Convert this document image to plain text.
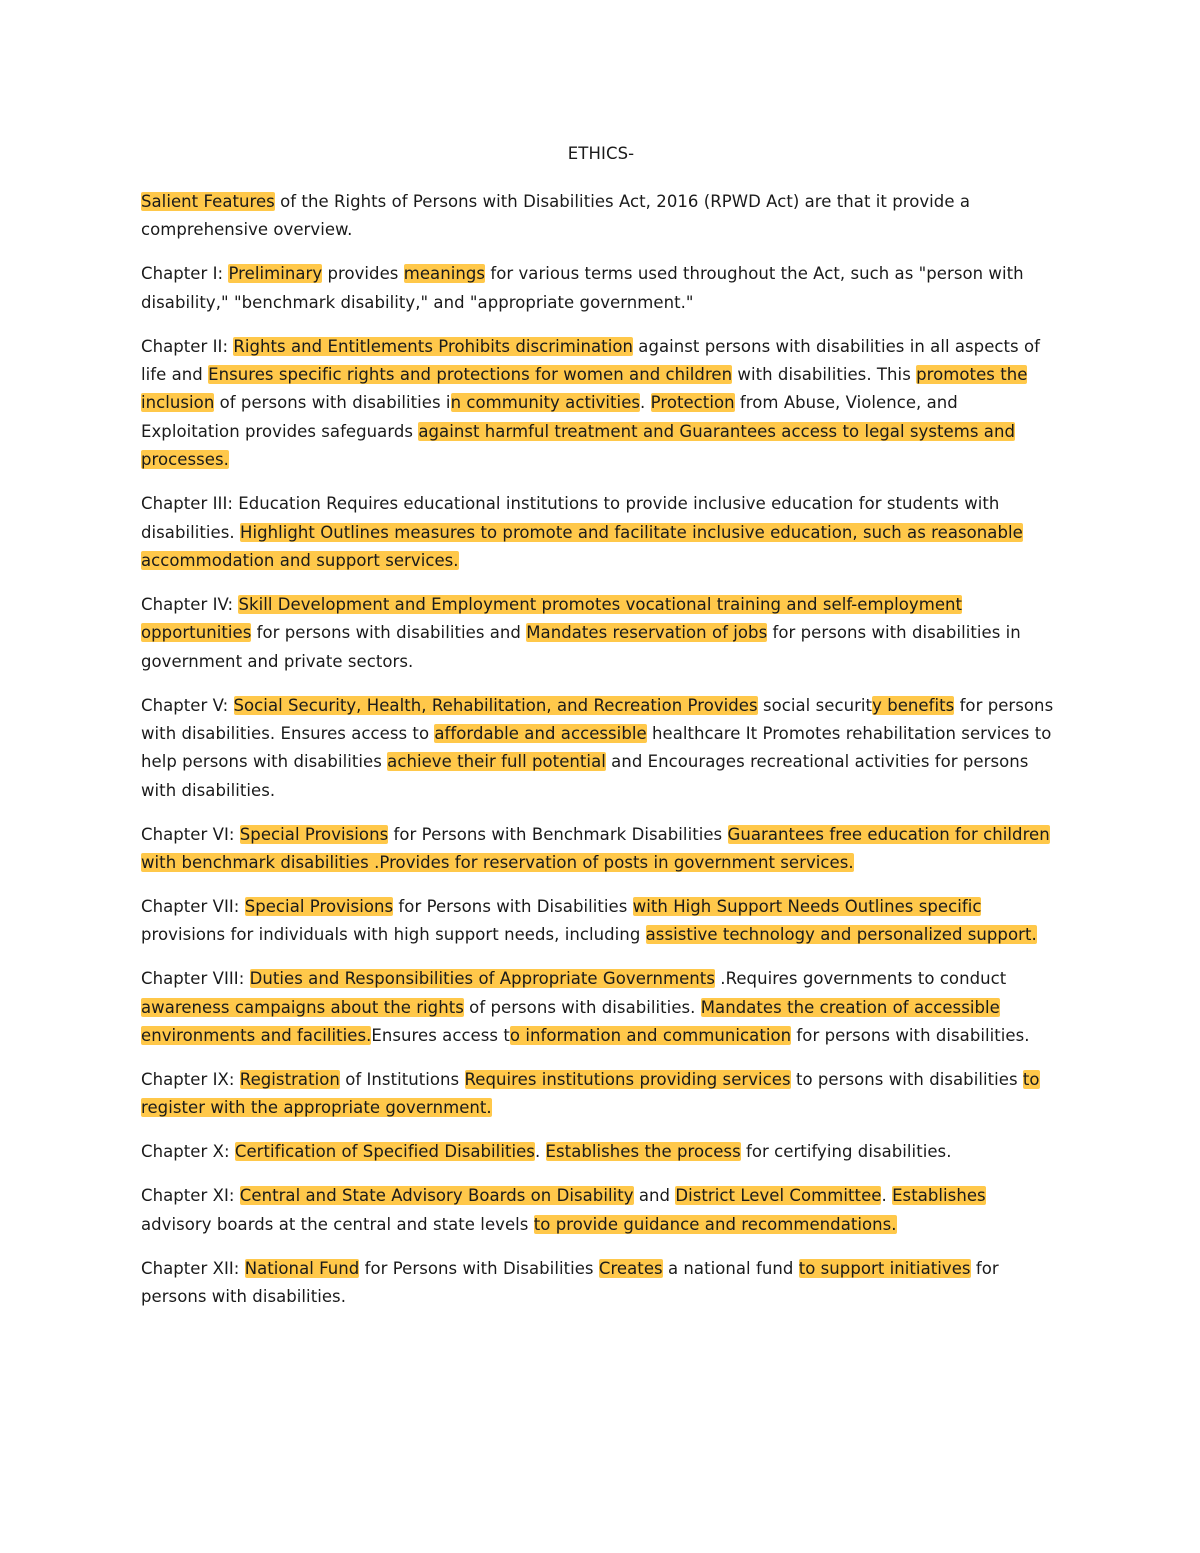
ETHICS-

Salient Features of the Rights of Persons with Disabilities Act, 2016 (RPWD Act) are that it provide a comprehensive overview.

Chapter I: Preliminary provides meanings for various terms used throughout the Act, such as "person with disability," "benchmark disability," and "appropriate government."

Chapter II: Rights and Entitlements Prohibits discrimination against persons with disabilities in all aspects of life and Ensures specific rights and protections for women and children with disabilities. This promotes the inclusion of persons with disabilities in community activities. Protection from Abuse, Violence, and Exploitation provides safeguards against harmful treatment and Guarantees access to legal systems and processes.

Chapter III: Education Requires educational institutions to provide inclusive education for students with disabilities. Highlight Outlines measures to promote and facilitate inclusive education, such as reasonable accommodation and support services.

Chapter IV: Skill Development and Employment promotes vocational training and self-employment opportunities for persons with disabilities and Mandates reservation of jobs for persons with disabilities in government and private sectors.

Chapter V: Social Security, Health, Rehabilitation, and Recreation Provides social security benefits for persons with disabilities. Ensures access to affordable and accessible healthcare It Promotes rehabilitation services to help persons with disabilities achieve their full potential and Encourages recreational activities for persons with disabilities.

Chapter VI: Special Provisions for Persons with Benchmark Disabilities Guarantees free education for children with benchmark disabilities .Provides for reservation of posts in government services.

Chapter VII: Special Provisions for Persons with Disabilities with High Support Needs Outlines specific provisions for individuals with high support needs, including assistive technology and personalized support.

Chapter VIII: Duties and Responsibilities of Appropriate Governments .Requires governments to conduct awareness campaigns about the rights of persons with disabilities. Mandates the creation of accessible environments and facilities.Ensures access to information and communication for persons with disabilities.

Chapter IX: Registration of Institutions Requires institutions providing services to persons with disabilities to register with the appropriate government.

Chapter X: Certification of Specified Disabilities. Establishes the process for certifying disabilities.

Chapter XI: Central and State Advisory Boards on Disability and District Level Committee. Establishes advisory boards at the central and state levels to provide guidance and recommendations.

Chapter XII: National Fund for Persons with Disabilities Creates a national fund to support initiatives for persons with disabilities.
